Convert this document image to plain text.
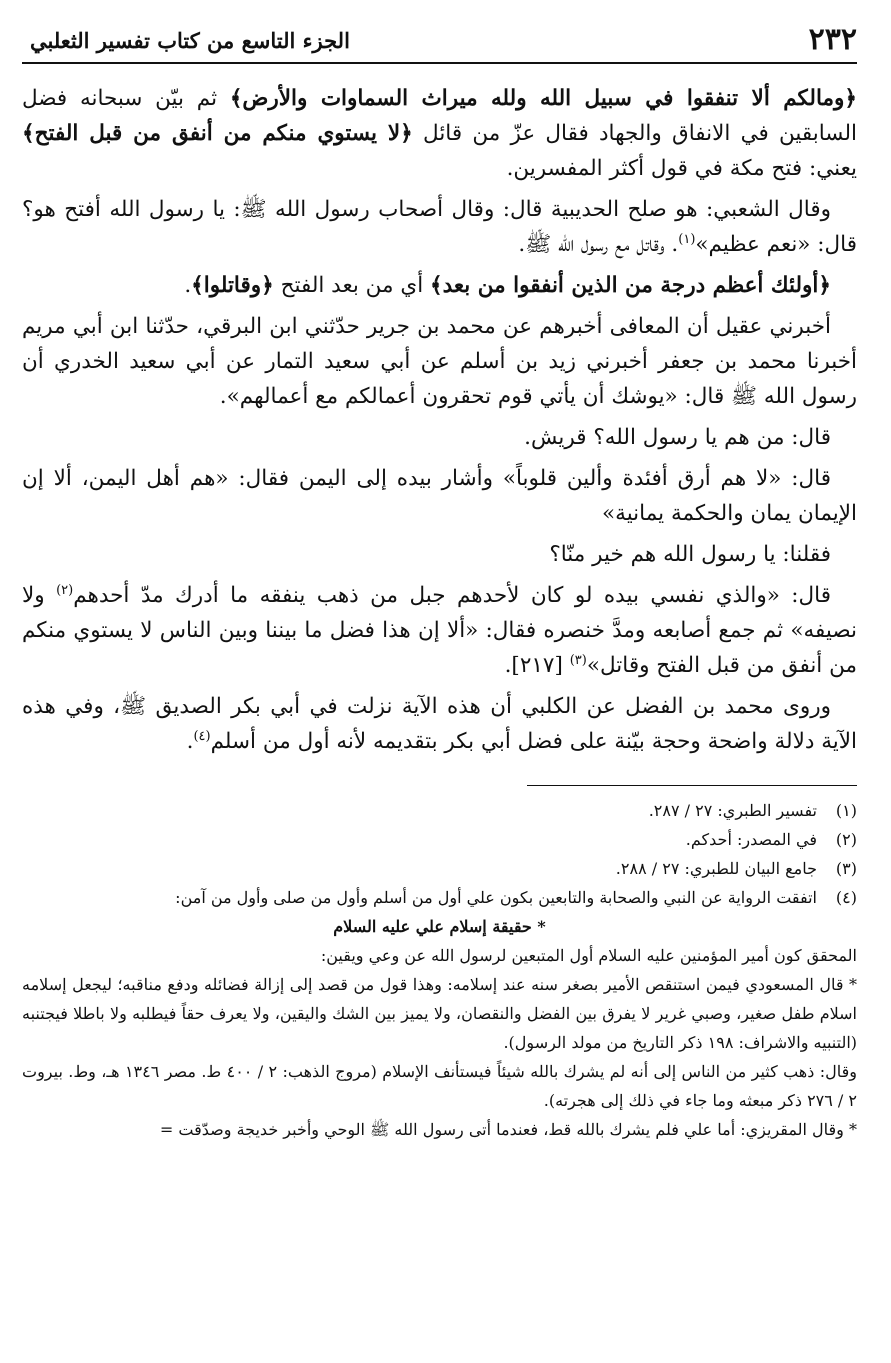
٢٣٢
الجزء التاسع من كتاب تفسير الثعلبي

﴿ومالكم ألا تنفقوا في سبيل الله ولله ميراث السماوات والأرض﴾ ثم بيّن سبحانه فضل السابقين في الانفاق والجهاد فقال عزّ من قائل ﴿لا يستوي منكم من أنفق من قبل الفتح﴾ يعني: فتح مكة في قول أكثر المفسرين.

وقال الشعبي: هو صلح الحديبية قال: وقال أصحاب رسول الله ﷺ: يا رسول الله أفتح هو؟ قال: «نعم عظيم»$^{(١)}$. وقاتل مع رسول الله ﷺ.

﴿أولئك أعظم درجة من الذين أنفقوا من بعد﴾ أي من بعد الفتح ﴿وقاتلوا﴾.

أخبرني عقيل أن المعافى أخبرهم عن محمد بن جرير حدّثني ابن البرقي، حدّثنا ابن أبي مريم أخبرنا محمد بن جعفر أخبرني زيد بن أسلم عن أبي سعيد التمار عن أبي سعيد الخدري أن رسول الله ﷺ قال: «يوشك أن يأتي قوم تحقرون أعمالكم مع أعمالهم».

قال: من هم يا رسول الله؟ قريش.

قال: «لا هم أرق أفئدة وألين قلوباً» وأشار بيده إلى اليمن فقال: «هم أهل اليمن، ألا إن الإيمان يمان والحكمة يمانية»

فقلنا: يا رسول الله هم خير منّا؟

قال: «والذي نفسي بيده لو كان لأحدهم جبل من ذهب ينفقه ما أدرك مدّ أحدهم$^{(٢)}$ ولا نصيفه» ثم جمع أصابعه ومدَّ خنصره فقال: «ألا إن هذا فضل ما بيننا وبين الناس لا يستوي منكم من أنفق من قبل الفتح وقاتل»$^{(٣)}$ [٢١٧].

وروى محمد بن الفضل عن الكلبي أن هذه الآية نزلت في أبي بكر الصديق ﷺ، وفي هذه الآية دلالة واضحة وحجة بيّنة على فضل أبي بكر بتقديمه لأنه أول من أسلم$^{(٤)}$.

(١)
تفسير الطبري: ٢٧ / ٢٨٧.
(٢)
في المصدر: أحدكم.
(٣)
جامع البيان للطبري: ٢٧ / ٢٨٨.
(٤)
اتفقت الرواية عن النبي والصحابة والتابعين بكون علي أول من أسلم وأول من صلى وأول من آمن:
* حقيقة إسلام علي عليه السلام
المحقق كون أمير المؤمنين عليه السلام أول المتبعين لرسول الله عن وعي ويقين:
* قال المسعودي فيمن استنقص الأمير بصغر سنه عند إسلامه: وهذا قول من قصد إلى إزالة فضائله ودفع مناقبه؛ ليجعل إسلامه اسلام طفل صغير، وصبي غرير لا يفرق بين الفضل والنقصان، ولا يميز بين الشك واليقين، ولا يعرف حقاً فيطلبه ولا باطلا فيجتنبه (التنبيه والاشراف: ١٩٨ ذكر التاريخ من مولد الرسول).
وقال: ذهب كثير من الناس إلى أنه لم يشرك بالله شيئاً فيستأنف الإسلام (مروج الذهب: ٢ / ٤٠٠ ط. مصر ١٣٤٦ هـ، وط. بيروت ٢ / ٢٧٦ ذكر مبعثه وما جاء في ذلك إلى هجرته).
* وقال المقريزي: أما علي فلم يشرك بالله قط، فعندما أتى رسول الله ﷺ الوحي وأخبر خديجة وصدّقت =
